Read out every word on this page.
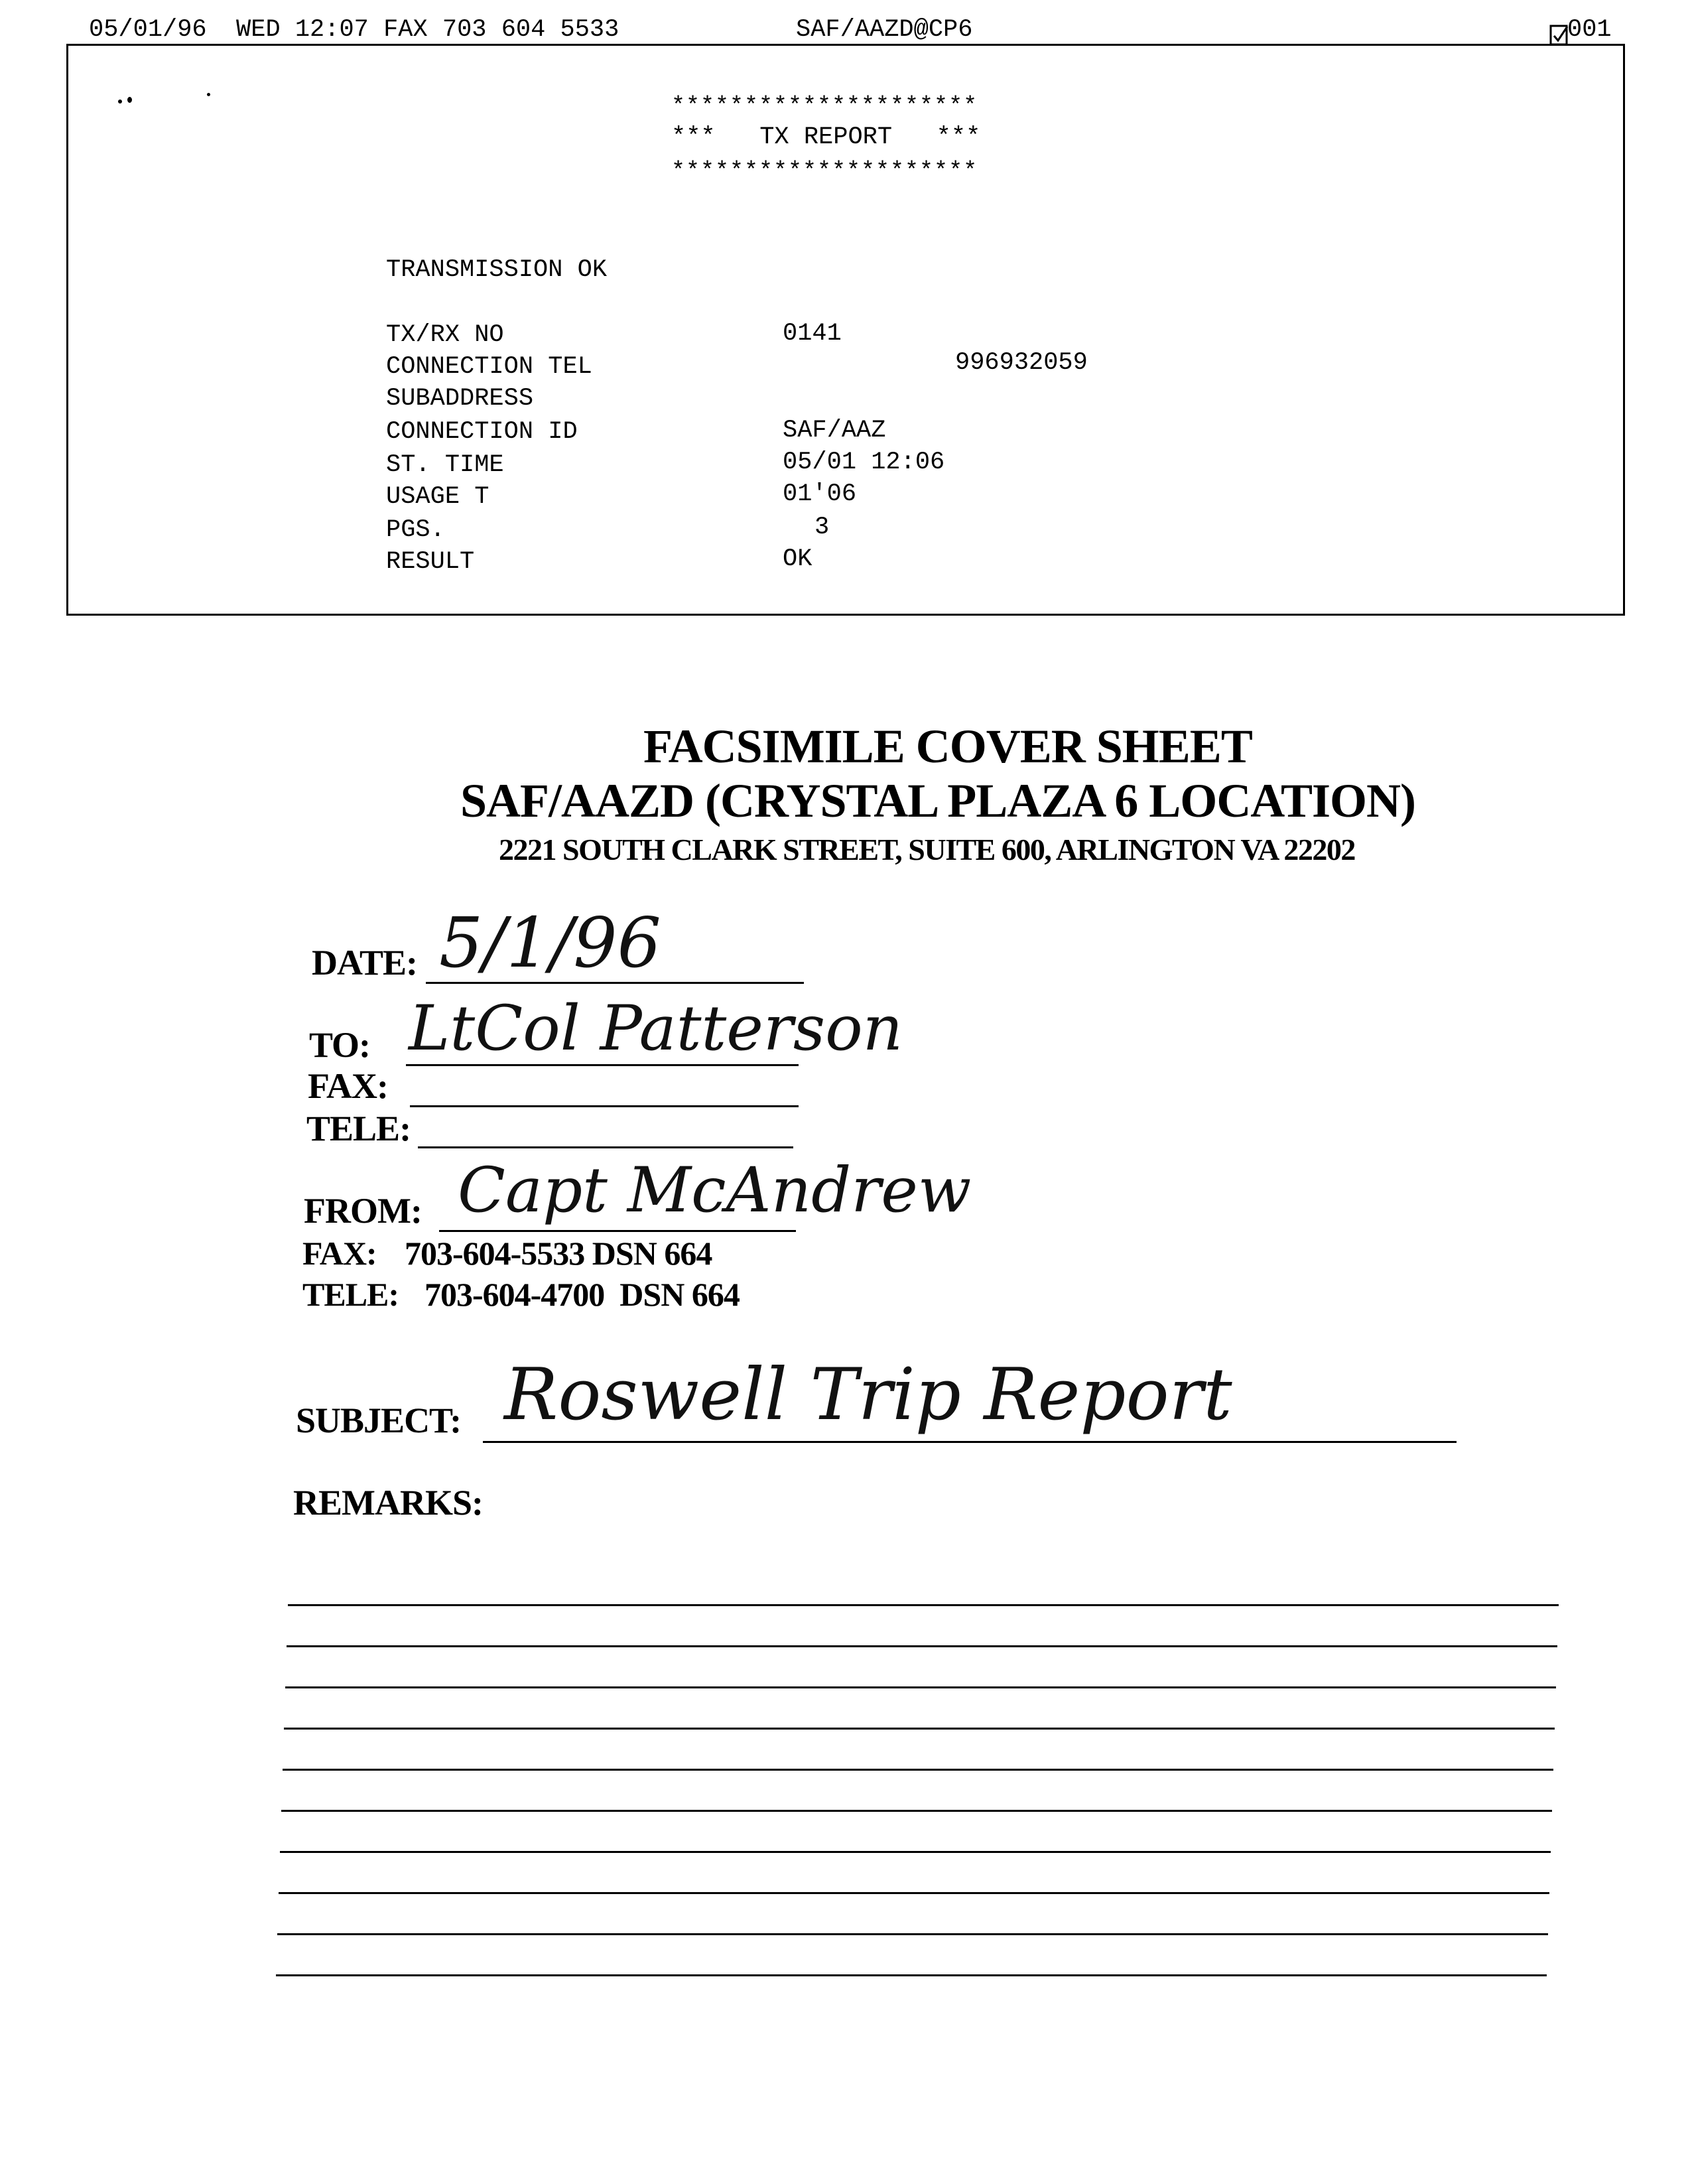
05/01/96  WED 12:07 FAX 703 604 5533	SAF/AAZD@CP6

	001
*********************
***   TX REPORT   ***
*********************
TRANSMISSION OK
TX/RX NO	0141
CONNECTION TEL	996932059
SUBADDRESS
CONNECTION ID	SAF/AAZ
ST. TIME	05/01 12:06
USAGE T	01'06
PGS.	3
RESULT	OK
FACSIMILE COVER SHEET
SAF/AAZD (CRYSTAL PLAZA 6 LOCATION)
2221 SOUTH CLARK STREET, SUITE 600, ARLINGTON VA 22202
DATE: 5/1/96
TO: LtCol Patterson
FAX:
TELE:
FROM: Capt McAndrew
FAX: 703-604-5533 DSN 664
TELE: 703-604-4700  DSN 664
SUBJECT: Roswell Trip Report
REMARKS:
